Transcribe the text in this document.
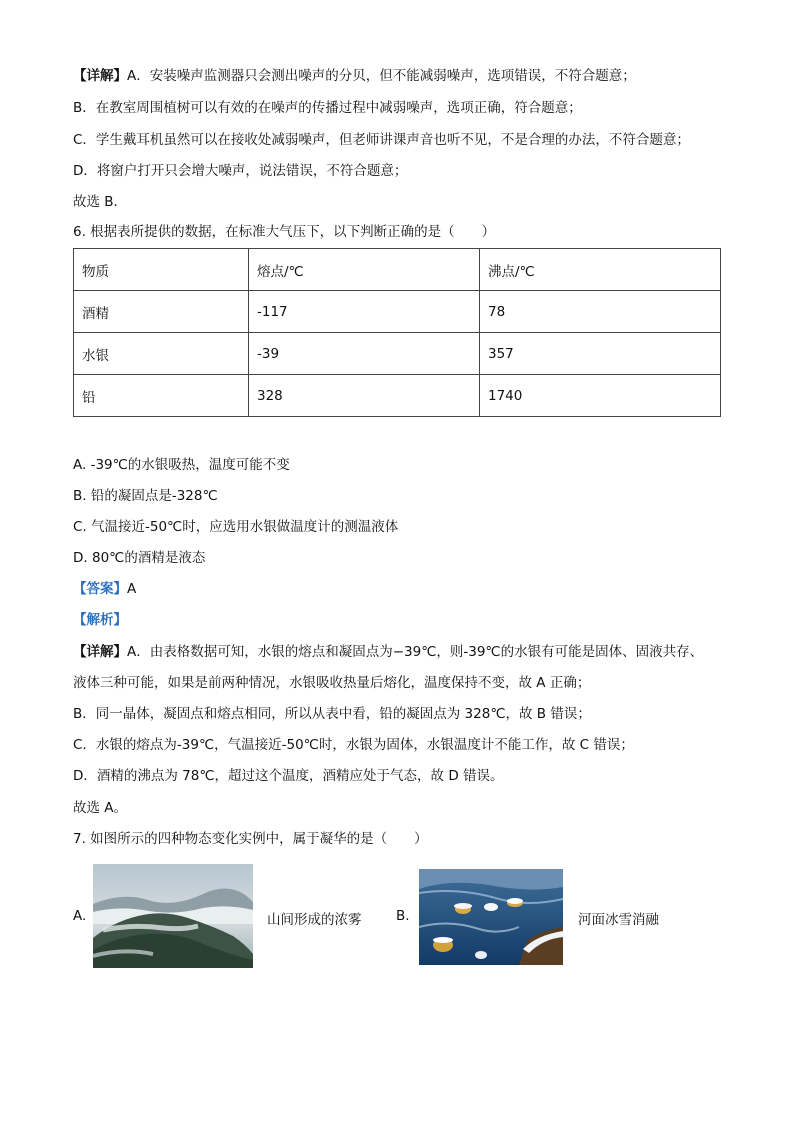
【详解】A．安装噪声监测器只会测出噪声的分贝，但不能减弱噪声，选项错误，不符合题意；
B．在教室周围植树可以有效的在噪声的传播过程中减弱噪声，选项正确，符合题意；
C．学生戴耳机虽然可以在接收处减弱噪声，但老师讲课声音也听不见，不是合理的办法，不符合题意；
D．将窗户打开只会增大噪声，说法错误，不符合题意；
故选 B．
6. 根据表所提供的数据，在标准大气压下，以下判断正确的是（　　）
物质	熔点/℃	沸点/℃
酒精	-117	78
水银	-39	357
铅	328	1740
A. -39℃的水银吸热，温度可能不变
B. 铅的凝固点是-328℃
C. 气温接近-50℃时，应选用水银做温度计的测温液体
D. 80℃的酒精是液态
【答案】A
【解析】
【详解】A．由表格数据可知，水银的熔点和凝固点为−39℃，则-39℃的水银有可能是固体、固液共存、
液体三种可能，如果是前两种情况，水银吸收热量后熔化，温度保持不变，故 A 正确；
B．同一晶体，凝固点和熔点相同，所以从表中看，铅的凝固点为 328℃，故 B 错误；
C．水银的熔点为-39℃，气温接近-50℃时，水银为固体，水银温度计不能工作，故 C 错误；
D．酒精的沸点为 78℃，超过这个温度，酒精应处于气态，故 D 错误。
故选 A。
7. 如图所示的四种物态变化实例中，属于凝华的是（　　）
A.	山间形成的浓雾	B.	河面冰雪消融
